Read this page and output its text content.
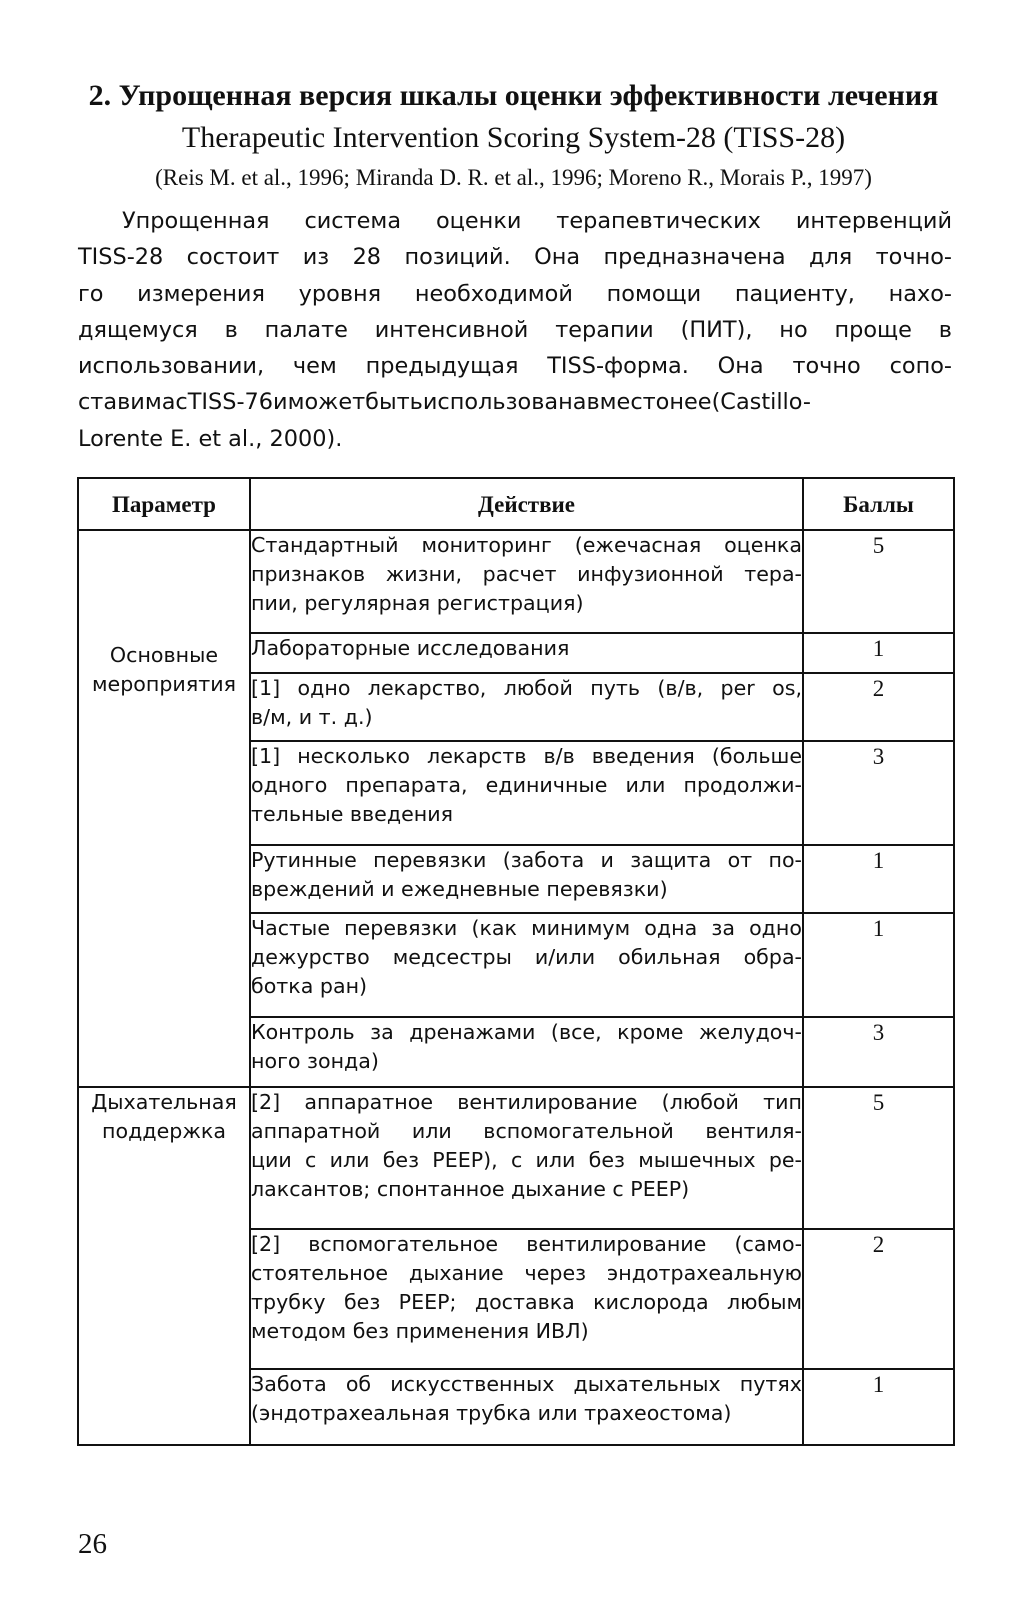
2. Упрощенная версия шкалы оценки эффективности лечения
Therapeutic Intervention Scoring System-28 (TISS-28)
(Reis M. et al., 1996; Miranda D. R. et al., 1996; Moreno R., Morais P., 1997)

Упрощенная система оценки терапевтических интервенций
TISS-28 состоит из 28 позиций. Она предназначена для точно-
го измерения уровня необходимой помощи пациенту, нахо-
дящемуся в палате интенсивной терапии (ПИТ), но проще в
использовании, чем предыдущая TISS-форма. Она точно сопо-
ставимасTISS-76иможетбытьиспользованавместонее(Castillo-
Lorente E. et al., 2000).

Параметр	Действие	Баллы
Основные мероприятия	Стандартный мониторинг (ежечасная оценка
признаков жизни, расчет инфузионной тера-
пии, регулярная регистрация)	5

	Лабораторные исследования	1

	[1] одно лекарство, любой путь (в/в, per os,
в/м, и т. д.)	2

	[1] несколько лекарств в/в введения (больше
одного препарата, единичные или продолжи-
тельные введения	3

	Рутинные перевязки (забота и защита от по-
вреждений и ежедневные перевязки)	1

	Частые перевязки (как минимум одна за одно
дежурство медсестры и/или обильная обра-
ботка ран)	1

	Контроль за дренажами (все, кроме желудоч-
ного зонда)	3
Дыхательная поддержка	[2] аппаратное вентилирование (любой тип
аппаратной или вспомогательной вентиля-
ции с или без PEEP), с или без мышечных ре-
лаксантов; спонтанное дыхание с PEEP)	5

	[2] вспомогательное вентилирование (само-
стоятельное дыхание через эндотрахеальную
трубку без PEEP; доставка кислорода любым
методом без применения ИВЛ)	2

	Забота об искусственных дыхательных путях
(эндотрахеальная трубка или трахеостома)	1
26
